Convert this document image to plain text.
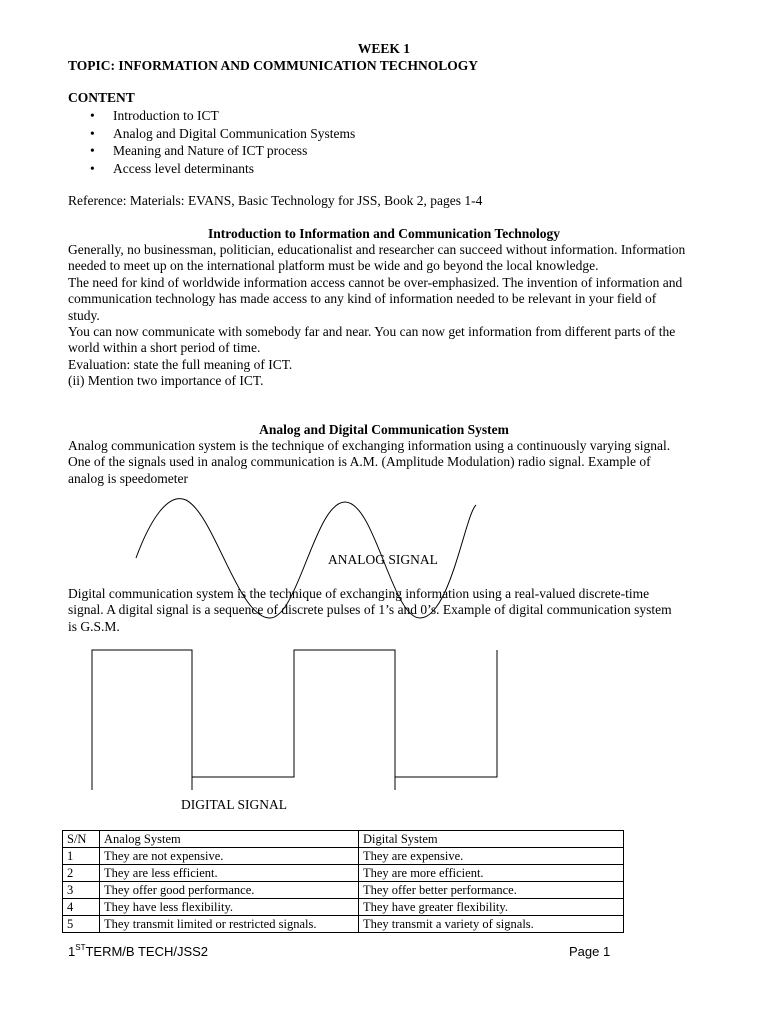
WEEK 1
TOPIC: INFORMATION AND COMMUNICATION TECHNOLOGY
CONTENT
• Introduction to ICT
• Analog and Digital Communication Systems
• Meaning and Nature of ICT process
• Access level determinants
Reference: Materials: EVANS, Basic Technology for JSS, Book 2, pages 1-4
Introduction to Information and Communication Technology
Generally, no businessman, politician, educationalist and researcher can succeed without information. Information
needed to meet up on the international platform must be wide and go beyond the local knowledge.
The need for kind of worldwide information access cannot be over-emphasized. The invention of information and
communication technology has made access to any kind of information needed to be relevant in your field of
study.
You can now communicate with somebody far and near. You can now get information from different parts of the
world within a short period of time.
Evaluation: state the full meaning of ICT.
(ii) Mention two importance of ICT.
Analog and Digital Communication System
Analog communication system is the technique of exchanging information using a continuously varying signal.
One of the signals used in analog communication is A.M. (Amplitude Modulation) radio signal. Example of
analog is speedometer
ANALOG SIGNAL
Digital communication system is the technique of exchanging information using a real-valued discrete-time
signal. A digital signal is a sequence of discrete pulses of 1’s and 0’s. Example of digital communication system
is G.S.M.
DIGITAL SIGNAL
S/N	Analog System	Digital System
1	They are not expensive.	They are expensive.
2	They are less efficient.	They are more efficient.
3	They offer good performance.	They offer better performance.
4	They have less flexibility.	They have greater flexibility.
5	They transmit limited or restricted signals.	They transmit a variety of signals.
1STTERM/B TECH/JSS2	Page 1
